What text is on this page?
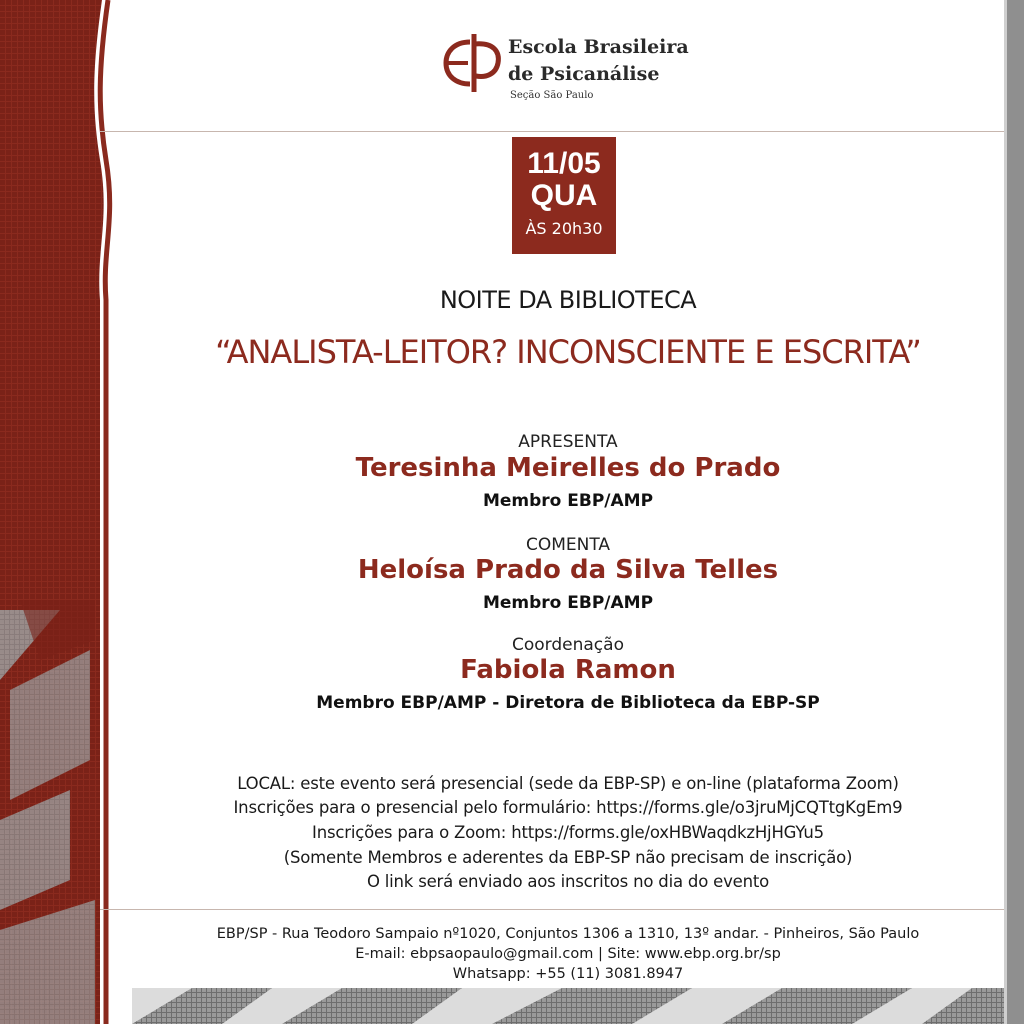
Escola Brasileira
de Psicanálise
Seção São Paulo
11/05
QUA
ÀS 20h30
NOITE DA BIBLIOTECA
“ANALISTA-LEITOR? INCONSCIENTE E ESCRITA”
APRESENTA
Teresinha Meirelles do Prado
Membro EBP/AMP
COMENTA
Heloísa Prado da Silva Telles
Membro EBP/AMP
Coordenação
Fabiola Ramon
Membro EBP/AMP - Diretora de Biblioteca da EBP-SP
LOCAL: este evento será presencial (sede da EBP-SP) e on-line (plataforma Zoom)
Inscrições para o presencial pelo formulário: https://forms.gle/o3jruMjCQTtgKgEm9
Inscrições para o Zoom: https://forms.gle/oxHBWaqdkzHjHGYu5
(Somente Membros e aderentes da EBP-SP não precisam de inscrição)
O link será enviado aos inscritos no dia do evento
EBP/SP - Rua Teodoro Sampaio nº1020, Conjuntos 1306 a 1310, 13º andar. - Pinheiros, São Paulo
E-mail: ebpsaopaulo@gmail.com | Site: www.ebp.org.br/sp
Whatsapp: +55 (11) 3081.8947
